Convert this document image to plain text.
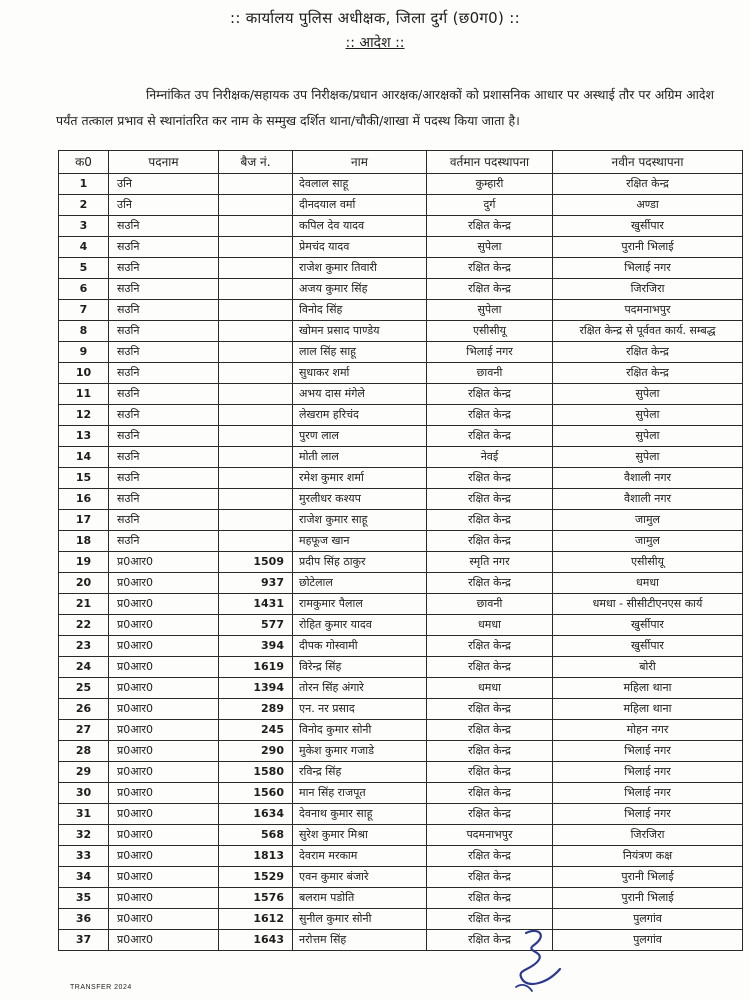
:: कार्यालय पुलिस अधीक्षक, जिला दुर्ग (छ0ग0) ::
:: आदेश ::
निम्नांकित उप निरीक्षक/सहायक उप निरीक्षक/प्रधान आरक्षक/आरक्षकों को प्रशासनिक आधार पर अस्थाई तौर पर अग्रिम आदेश पर्यंत तत्काल प्रभाव से स्थानांतरित कर नाम के सम्मुख दर्शित थाना/चौकी/शाखा में पदस्थ किया जाता है।
क0	पदनाम	बैज नं.	नाम	वर्तमान पदस्थापना	नवीन पदस्थापना
1	उनि		देवलाल साहू	कुम्हारी	रक्षित केन्द्र
2	उनि		दीनदयाल वर्मा	दुर्ग	अण्डा
3	सउनि		कपिल देव यादव	रक्षित केन्द्र	खुर्सीपार
4	सउनि		प्रेमचंद यादव	सुपेला	पुरानी भिलाई
5	सउनि		राजेश कुमार तिवारी	रक्षित केन्द्र	भिलाई नगर
6	सउनि		अजय कुमार सिंह	रक्षित केन्द्र	जिरजिरा
7	सउनि		विनोद सिंह	सुपेला	पदमनाभपुर
8	सउनि		खोमन प्रसाद पाण्डेय	एसीसीयू	रक्षित केन्द्र से पूर्ववत कार्य. सम्बद्ध
9	सउनि		लाल सिंह साहू	भिलाई नगर	रक्षित केन्द्र
10	सउनि		सुधाकर शर्मा	छावनी	रक्षित केन्द्र
11	सउनि		अभय दास मंगेले	रक्षित केन्द्र	सुपेला
12	सउनि		लेखराम हरिचंद	रक्षित केन्द्र	सुपेला
13	सउनि		पुरण लाल	रक्षित केन्द्र	सुपेला
14	सउनि		मोती लाल	नेवई	सुपेला
15	सउनि		रमेश कुमार शर्मा	रक्षित केन्द्र	वैशाली नगर
16	सउनि		मुरलीधर कश्यप	रक्षित केन्द्र	वैशाली नगर
17	सउनि		राजेश कुमार साहू	रक्षित केन्द्र	जामुल
18	सउनि		महफूज खान	रक्षित केन्द्र	जामुल
19	प्र0आर0	1509	प्रदीप सिंह ठाकुर	स्मृति नगर	एसीसीयू
20	प्र0आर0	937	छोटेलाल	रक्षित केन्द्र	धमधा
21	प्र0आर0	1431	रामकुमार पैलाल	छावनी	धमधा - सीसीटीएनएस कार्य
22	प्र0आर0	577	रोहित कुमार यादव	धमधा	खुर्सीपार
23	प्र0आर0	394	दीपक गोस्वामी	रक्षित केन्द्र	खुर्सीपार
24	प्र0आर0	1619	विरेन्द्र सिंह	रक्षित केन्द्र	बोरी
25	प्र0आर0	1394	तोरन सिंह अंगारे	धमधा	महिला थाना
26	प्र0आर0	289	एन. नर प्रसाद	रक्षित केन्द्र	महिला थाना
27	प्र0आर0	245	विनोद कुमार सोनी	रक्षित केन्द्र	मोहन नगर
28	प्र0आर0	290	मुकेश कुमार गजाडे	रक्षित केन्द्र	भिलाई नगर
29	प्र0आर0	1580	रविन्द्र सिंह	रक्षित केन्द्र	भिलाई नगर
30	प्र0आर0	1560	मान सिंह राजपूत	रक्षित केन्द्र	भिलाई नगर
31	प्र0आर0	1634	देवनाथ कुमार साहू	रक्षित केन्द्र	भिलाई नगर
32	प्र0आर0	568	सुरेश कुमार मिश्रा	पदमनाभपुर	जिरजिरा
33	प्र0आर0	1813	देवराम मरकाम	रक्षित केन्द्र	नियंत्रण कक्ष
34	प्र0आर0	1529	एवन कुमार बंजारे	रक्षित केन्द्र	पुरानी भिलाई
35	प्र0आर0	1576	बलराम पडोति	रक्षित केन्द्र	पुरानी भिलाई
36	प्र0आर0	1612	सुनील कुमार सोनी	रक्षित केन्द्र	पुलगांव
37	प्र0आर0	1643	नरोत्तम सिंह	रक्षित केन्द्र	पुलगांव
TRANSFER 2024
